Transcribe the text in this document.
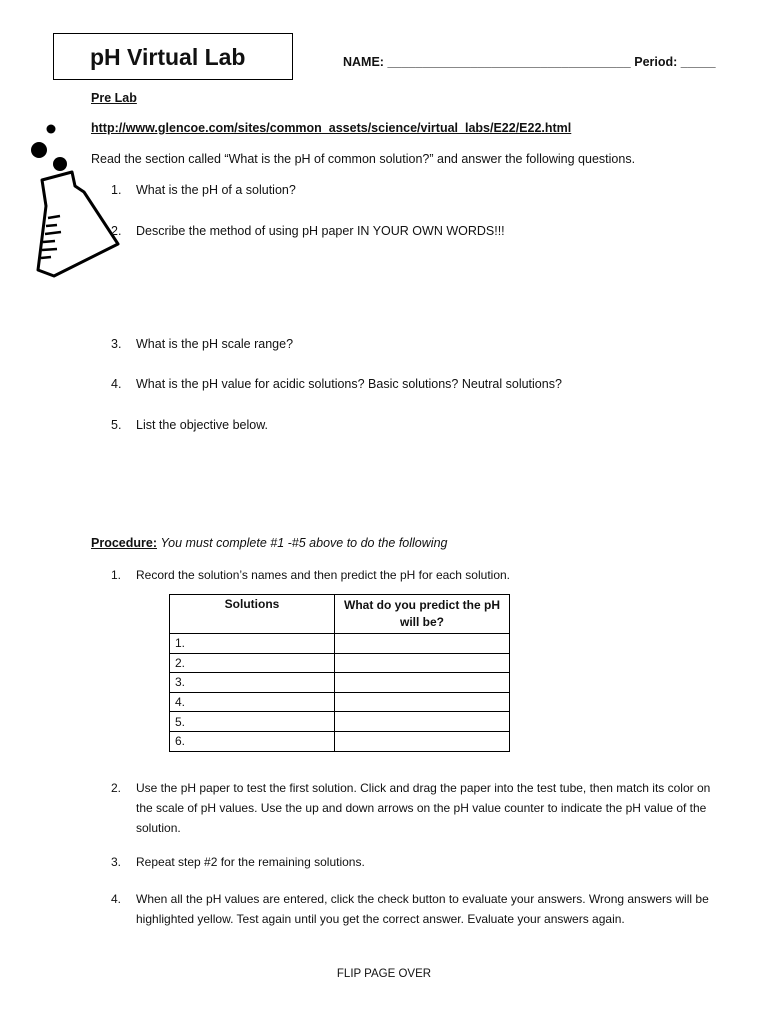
pH Virtual Lab	NAME: ___________________________________ Period: _____
Pre Lab
http://www.glencoe.com/sites/common_assets/science/virtual_labs/E22/E22.html
Read the section called “What is the pH of common solution?” and answer the following questions.
1. What is the pH of a solution?
2. Describe the method of using pH paper IN YOUR OWN WORDS!!!
3. What is the pH scale range?
4. What is the pH value for acidic solutions? Basic solutions? Neutral solutions?
5. List the objective below.
Procedure: You must complete #1 -#5 above to do the following
1. Record the solution’s names and then predict the pH for each solution.
Solutions	What do you predict the pH will be?
1.	
2.	
3.	
4.	
5.	
6.	
2. Use the pH paper to test the first solution. Click and drag the paper into the test tube, then match its color on the scale of pH values. Use the up and down arrows on the pH value counter to indicate the pH value of the solution.
3. Repeat step #2 for the remaining solutions.
4. When all the pH values are entered, click the check button to evaluate your answers. Wrong answers will be highlighted yellow. Test again until you get the correct answer. Evaluate your answers again.
FLIP PAGE OVER
